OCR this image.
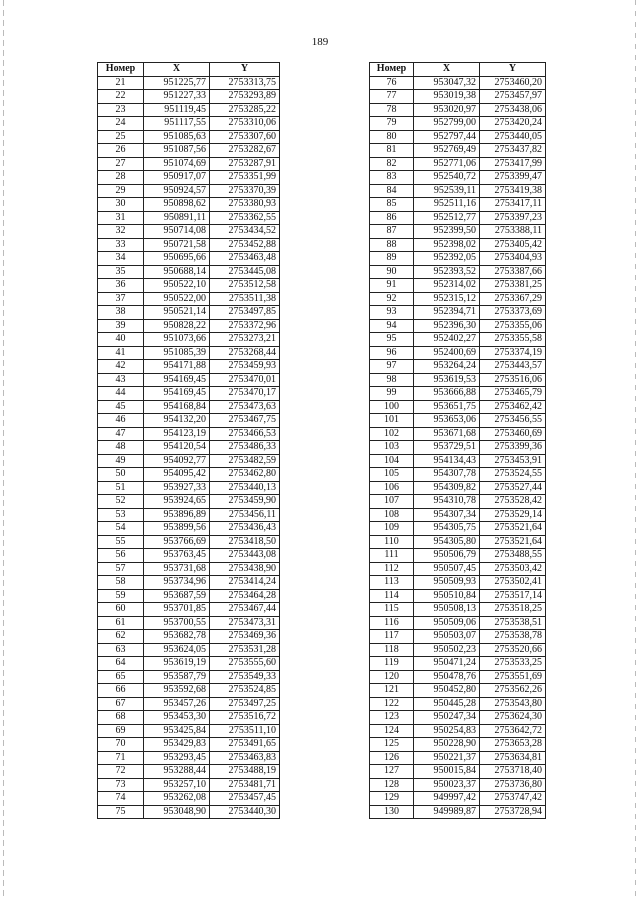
189
Номер	X	Y
21	951225,77	2753313,75
22	951227,33	2753293,89
23	951119,45	2753285,22
24	951117,55	2753310,06
25	951085,63	2753307,60
26	951087,56	2753282,67
27	951074,69	2753287,91
28	950917,07	2753351,99
29	950924,57	2753370,39
30	950898,62	2753380,93
31	950891,11	2753362,55
32	950714,08	2753434,52
33	950721,58	2753452,88
34	950695,66	2753463,48
35	950688,14	2753445,08
36	950522,10	2753512,58
37	950522,00	2753511,38
38	950521,14	2753497,85
39	950828,22	2753372,96
40	951073,66	2753273,21
41	951085,39	2753268,44
42	954171,88	2753459,93
43	954169,45	2753470,01
44	954169,45	2753470,17
45	954168,84	2753473,63
46	954132,20	2753467,75
47	954123,19	2753466,53
48	954120,54	2753486,33
49	954092,77	2753482,59
50	954095,42	2753462,80
51	953927,33	2753440,13
52	953924,65	2753459,90
53	953896,89	2753456,11
54	953899,56	2753436,43
55	953766,69	2753418,50
56	953763,45	2753443,08
57	953731,68	2753438,90
58	953734,96	2753414,24
59	953687,59	2753464,28
60	953701,85	2753467,44
61	953700,55	2753473,31
62	953682,78	2753469,36
63	953624,05	2753531,28
64	953619,19	2753555,60
65	953587,79	2753549,33
66	953592,68	2753524,85
67	953457,26	2753497,25
68	953453,30	2753516,72
69	953425,84	2753511,10
70	953429,83	2753491,65
71	953293,45	2753463,83
72	953288,44	2753488,19
73	953257,10	2753481,71
74	953262,08	2753457,45
75	953048,90	2753440,30
Номер	X	Y
76	953047,32	2753460,20
77	953019,38	2753457,97
78	953020,97	2753438,06
79	952799,00	2753420,24
80	952797,44	2753440,05
81	952769,49	2753437,82
82	952771,06	2753417,99
83	952540,72	2753399,47
84	952539,11	2753419,38
85	952511,16	2753417,11
86	952512,77	2753397,23
87	952399,50	2753388,11
88	952398,02	2753405,42
89	952392,05	2753404,93
90	952393,52	2753387,66
91	952314,02	2753381,25
92	952315,12	2753367,29
93	952394,71	2753373,69
94	952396,30	2753355,06
95	952402,27	2753355,58
96	952400,69	2753374,19
97	953264,24	2753443,57
98	953619,53	2753516,06
99	953666,88	2753465,79
100	953651,75	2753462,42
101	953653,06	2753456,55
102	953671,68	2753460,69
103	953729,51	2753399,36
104	954134,43	2753453,91
105	954307,78	2753524,55
106	954309,82	2753527,44
107	954310,78	2753528,42
108	954307,34	2753529,14
109	954305,75	2753521,64
110	954305,80	2753521,64
111	950506,79	2753488,55
112	950507,45	2753503,42
113	950509,93	2753502,41
114	950510,84	2753517,14
115	950508,13	2753518,25
116	950509,06	2753538,51
117	950503,07	2753538,78
118	950502,23	2753520,66
119	950471,24	2753533,25
120	950478,76	2753551,69
121	950452,80	2753562,26
122	950445,28	2753543,80
123	950247,34	2753624,30
124	950254,83	2753642,72
125	950228,90	2753653,28
126	950221,37	2753634,81
127	950015,84	2753718,40
128	950023,37	2753736,80
129	949997,42	2753747,42
130	949989,87	2753728,94
